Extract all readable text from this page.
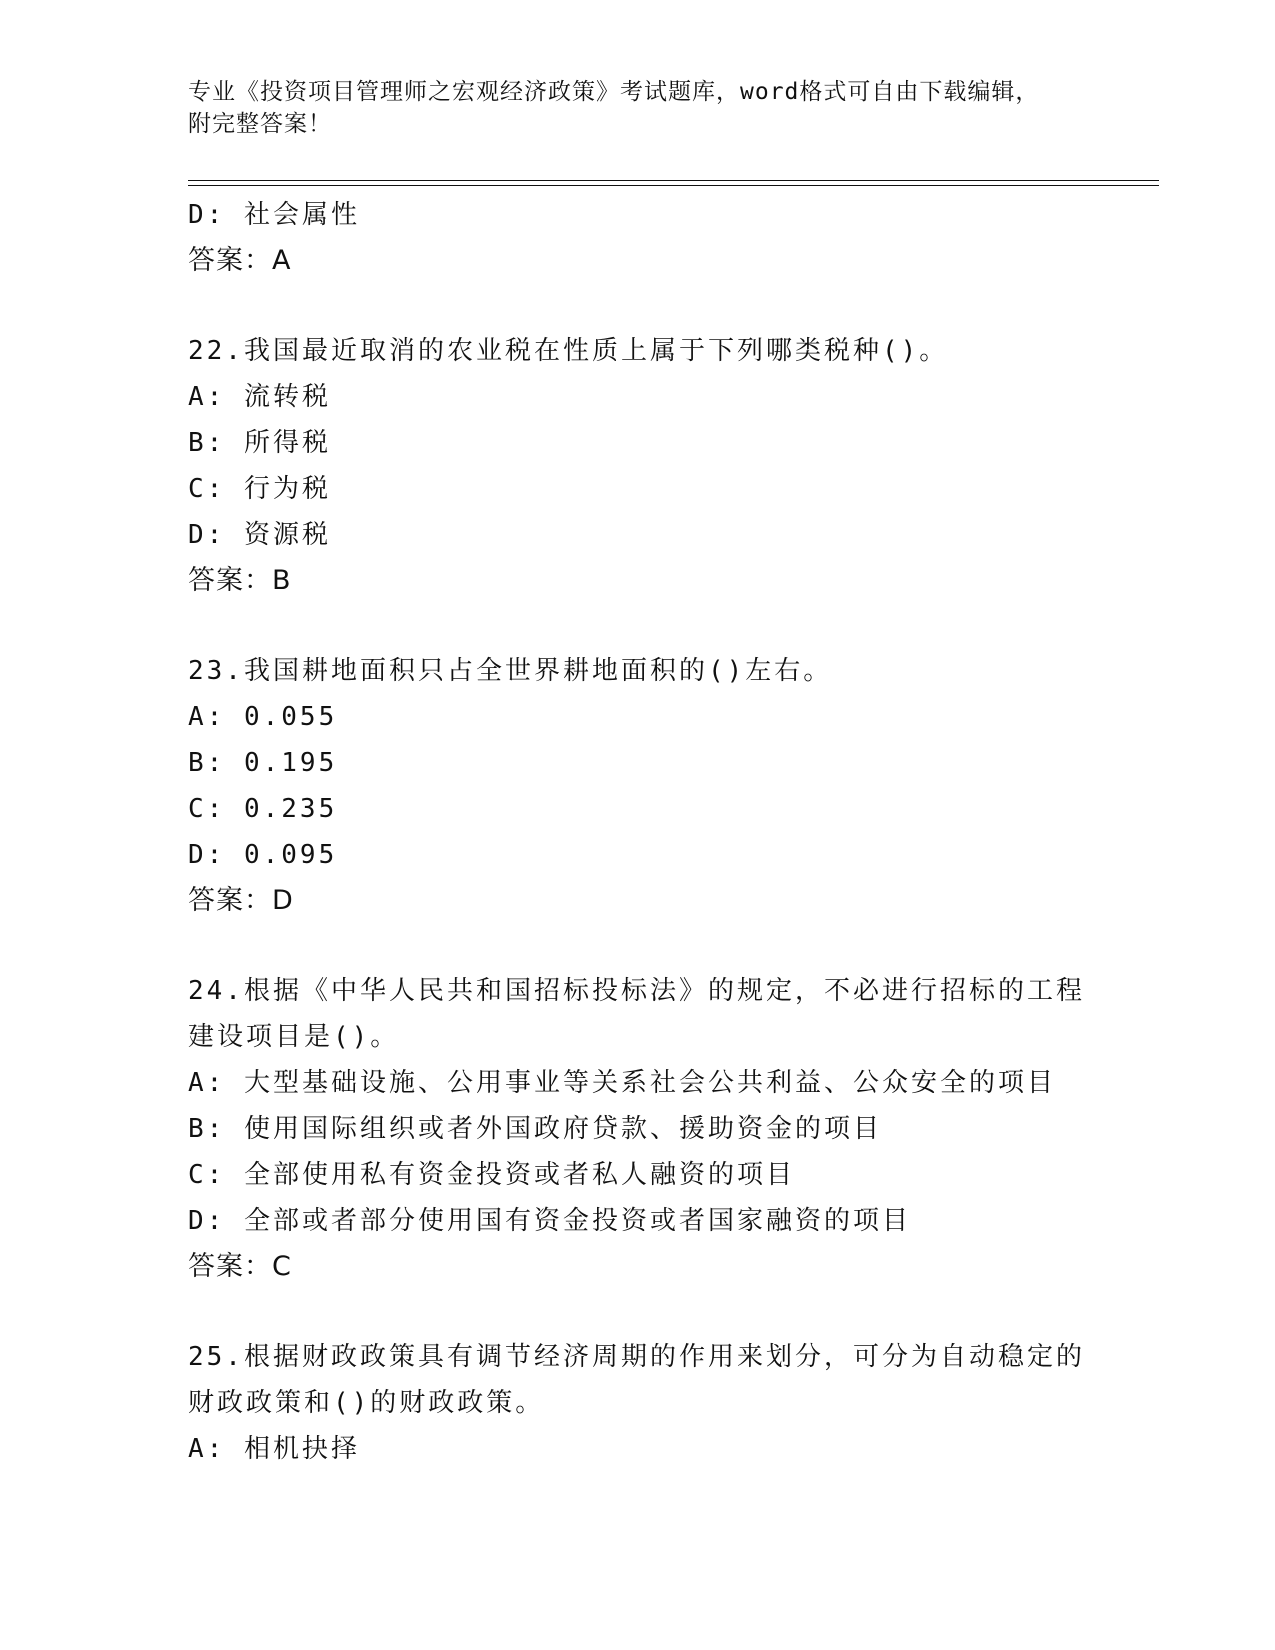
专业《投资项目管理师之宏观经济政策》考试题库，word格式可自由下载编辑，
附完整答案！
D: 社会属性
答案：A
22.我国最近取消的农业税在性质上属于下列哪类税种()。
A: 流转税
B: 所得税
C: 行为税
D: 资源税
答案：B
23.我国耕地面积只占全世界耕地面积的()左右。
A: 0.055
B: 0.195
C: 0.235
D: 0.095
答案：D
24.根据《中华人民共和国招标投标法》的规定，不必进行招标的工程
建设项目是()。
A: 大型基础设施、公用事业等关系社会公共利益、公众安全的项目
B: 使用国际组织或者外国政府贷款、援助资金的项目
C: 全部使用私有资金投资或者私人融资的项目
D: 全部或者部分使用国有资金投资或者国家融资的项目
答案：C
25.根据财政政策具有调节经济周期的作用来划分，可分为自动稳定的
财政政策和()的财政政策。
A: 相机抉择
